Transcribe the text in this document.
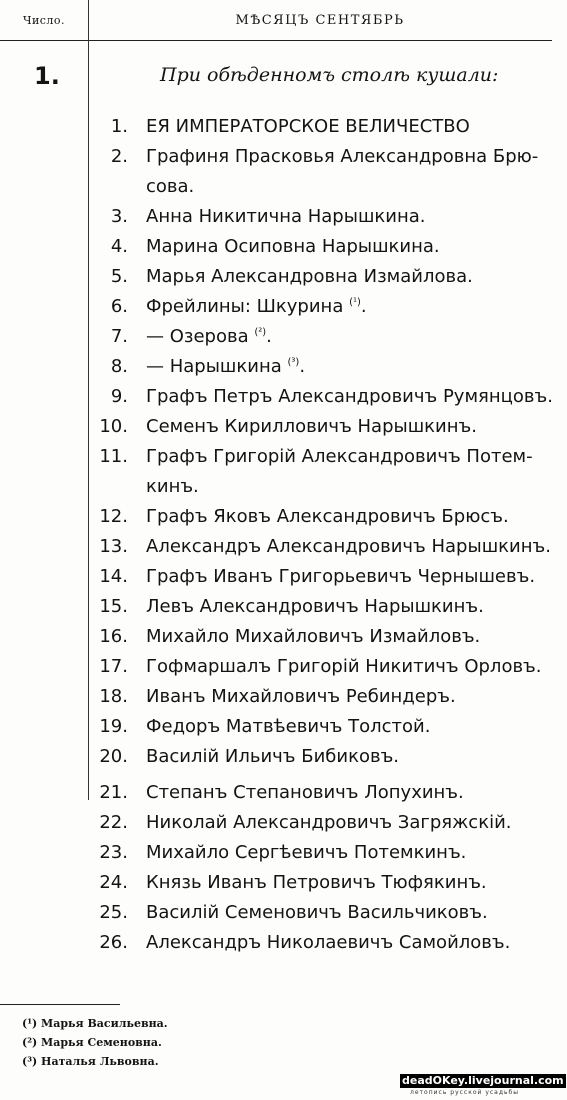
Число.	МѢСЯЦЪ СЕНТЯБРЬ
1.	При обѣденномъ столѣ кушали:
1. ЕЯ ИМПЕРАТОРСКОЕ ВЕЛИЧЕСТВО
2. Графиня Прасковья Александровна Брю-
сова.
3. Анна Никитична Нарышкина.
4. Марина Осиповна Нарышкина.
5. Марья Александровна Измайлова.
6. Фрейлины: Шкурина $^{(^1)}$.
7. — Озерова $^{(^2)}$.
8. — Нарышкина $^{(^3)}$.
9. Графъ Петръ Александровичъ Румянцовъ.
10. Семенъ Кирилловичъ Нарышкинъ.
11. Графъ Григорій Александровичъ Потем-
кинъ.
12. Графъ Яковъ Александровичъ Брюсъ.
13. Александръ Александровичъ Нарышкинъ.
14. Графъ Иванъ Григорьевичъ Чернышевъ.
15. Левъ Александровичъ Нарышкинъ.
16. Михайло Михайловичъ Измайловъ.
17. Гофмаршалъ Григорій Никитичъ Орловъ.
18. Иванъ Михайловичъ Ребиндеръ.
19. Федоръ Матвѣевичъ Толстой.
20. Василій Ильичъ Бибиковъ.
21. Степанъ Степановичъ Лопухинъ.
22. Николай Александровичъ Загряжскій.
23. Михайло Сергѣевичъ Потемкинъ.
24. Князь Иванъ Петровичъ Тюфякинъ.
25. Василій Семеновичъ Васильчиковъ.
26. Александръ Николаевичъ Самойловъ.
(¹) Марья Васильевна.
(²) Марья Семеновна.
(³) Наталья Львовна.
deadOKey.livejournal.com
летопись русской усадьбы
